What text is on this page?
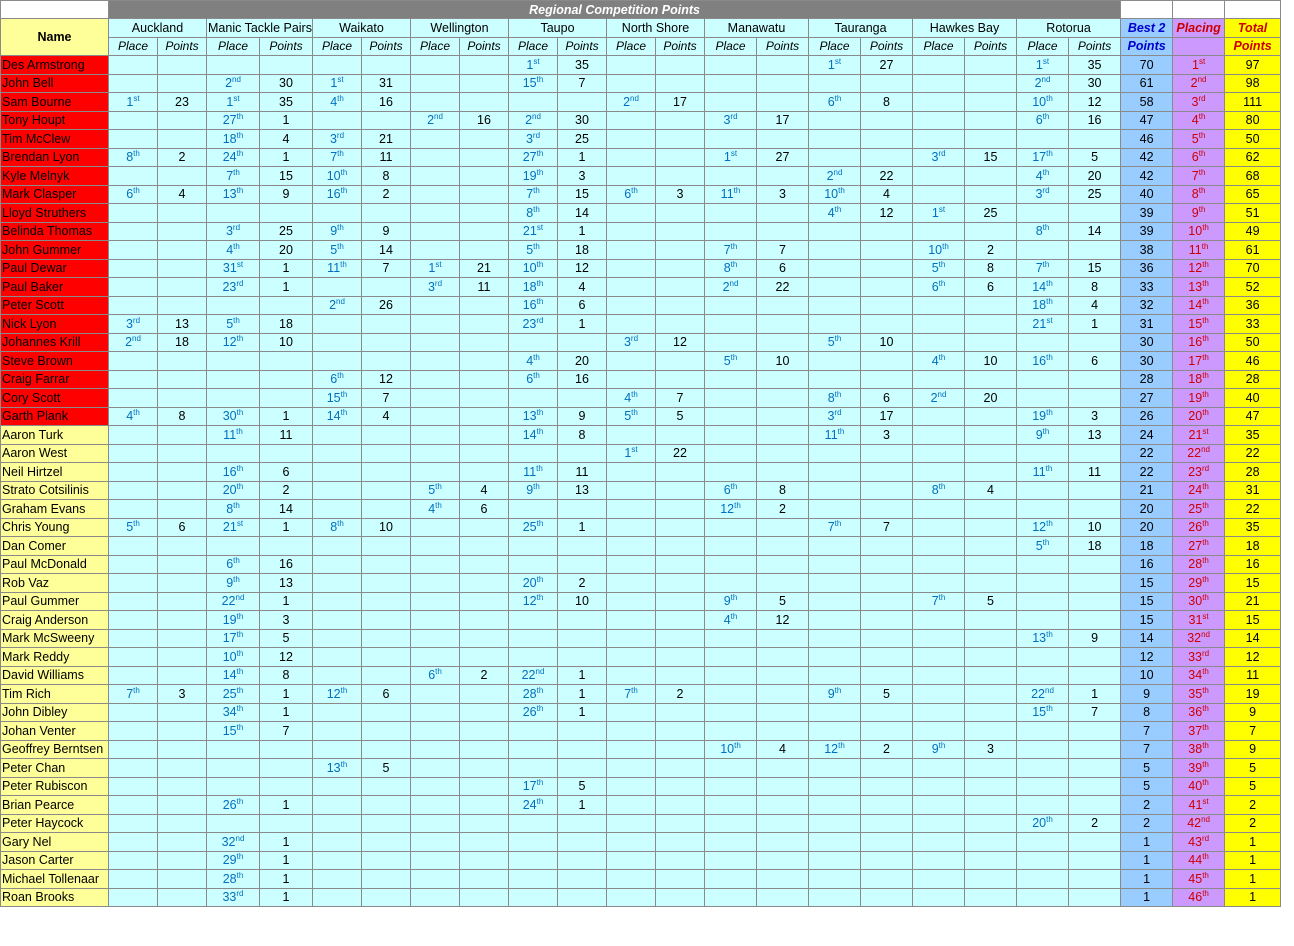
	Regional Competition Points																						
Name	Auckland		Manic Tackle Pairs		Waikato		Wellington		Taupo		North Shore		Manawatu		Tauranga		Hawkes Bay		Rotorua		Best 2	Placing	Total
	Place	Points	Place	Points	Place	Points	Place	Points	Place	Points	Place	Points	Place	Points	Place	Points	Place	Points	Place	Points	Points		Points
Des Armstrong									1st	35					1st	27			1st	35	70	1st	97
John Bell			2nd	30	1st	31			15th	7									2nd	30	61	2nd	98
Sam Bourne	1st	23	1st	35	4th	16					2nd	17			6th	8			10th	12	58	3rd	111
Tony Houpt			27th	1			2nd	16	2nd	30			3rd	17					6th	16	47	4th	80
Tim McClew			18th	4	3rd	21			3rd	25											46	5th	50
Brendan Lyon	8th	2	24th	1	7th	11			27th	1			1st	27			3rd	15	17th	5	42	6th	62
Kyle Melnyk			7th	15	10th	8			19th	3					2nd	22			4th	20	42	7th	68
Mark Clasper	6th	4	13th	9	16th	2			7th	15	6th	3	11th	3	10th	4			3rd	25	40	8th	65
Lloyd Struthers									8th	14					4th	12	1st	25			39	9th	51
Belinda Thomas			3rd	25	9th	9			21st	1									8th	14	39	10th	49
John Gummer			4th	20	5th	14			5th	18			7th	7			10th	2			38	11th	61
Paul Dewar			31st	1	11th	7	1st	21	10th	12			8th	6			5th	8	7th	15	36	12th	70
Paul Baker			23rd	1			3rd	11	18th	4			2nd	22			6th	6	14th	8	33	13th	52
Peter Scott					2nd	26			16th	6									18th	4	32	14th	36
Nick Lyon	3rd	13	5th	18					23rd	1									21st	1	31	15th	33
Johannes Krill	2nd	18	12th	10							3rd	12			5th	10					30	16th	50
Steve Brown									4th	20			5th	10			4th	10	16th	6	30	17th	46
Craig Farrar					6th	12			6th	16											28	18th	28
Cory Scott					15th	7					4th	7			8th	6	2nd	20			27	19th	40
Garth Plank	4th	8	30th	1	14th	4			13th	9	5th	5			3rd	17			19th	3	26	20th	47
Aaron Turk			11th	11					14th	8					11th	3			9th	13	24	21st	35
Aaron West											1st	22									22	22nd	22
Neil Hirtzel			16th	6					11th	11									11th	11	22	23rd	28
Strato Cotsilinis			20th	2			5th	4	9th	13			6th	8			8th	4			21	24th	31
Graham Evans			8th	14			4th	6					12th	2							20	25th	22
Chris Young	5th	6	21st	1	8th	10			25th	1					7th	7			12th	10	20	26th	35
Dan Comer																			5th	18	18	27th	18
Paul McDonald			6th	16																	16	28th	16
Rob Vaz			9th	13					20th	2											15	29th	15
Paul Gummer			22nd	1					12th	10			9th	5			7th	5			15	30th	21
Craig Anderson			19th	3									4th	12							15	31st	15
Mark McSweeny			17th	5															13th	9	14	32nd	14
Mark Reddy			10th	12																	12	33rd	12
David Williams			14th	8			6th	2	22nd	1											10	34th	11
Tim Rich	7th	3	25th	1	12th	6			28th	1	7th	2			9th	5			22nd	1	9	35th	19
John Dibley			34th	1					26th	1									15th	7	8	36th	9
Johan Venter			15th	7																	7	37th	7
Geoffrey Berntsen													10th	4	12th	2	9th	3			7	38th	9
Peter Chan					13th	5															5	39th	5
Peter Rubiscon									17th	5											5	40th	5
Brian Pearce			26th	1					24th	1											2	41st	2
Peter Haycock																			20th	2	2	42nd	2
Gary Nel			32nd	1																	1	43rd	1
Jason Carter			29th	1																	1	44th	1
Michael Tollenaar			28th	1																	1	45th	1
Roan Brooks			33rd	1																	1	46th	1
